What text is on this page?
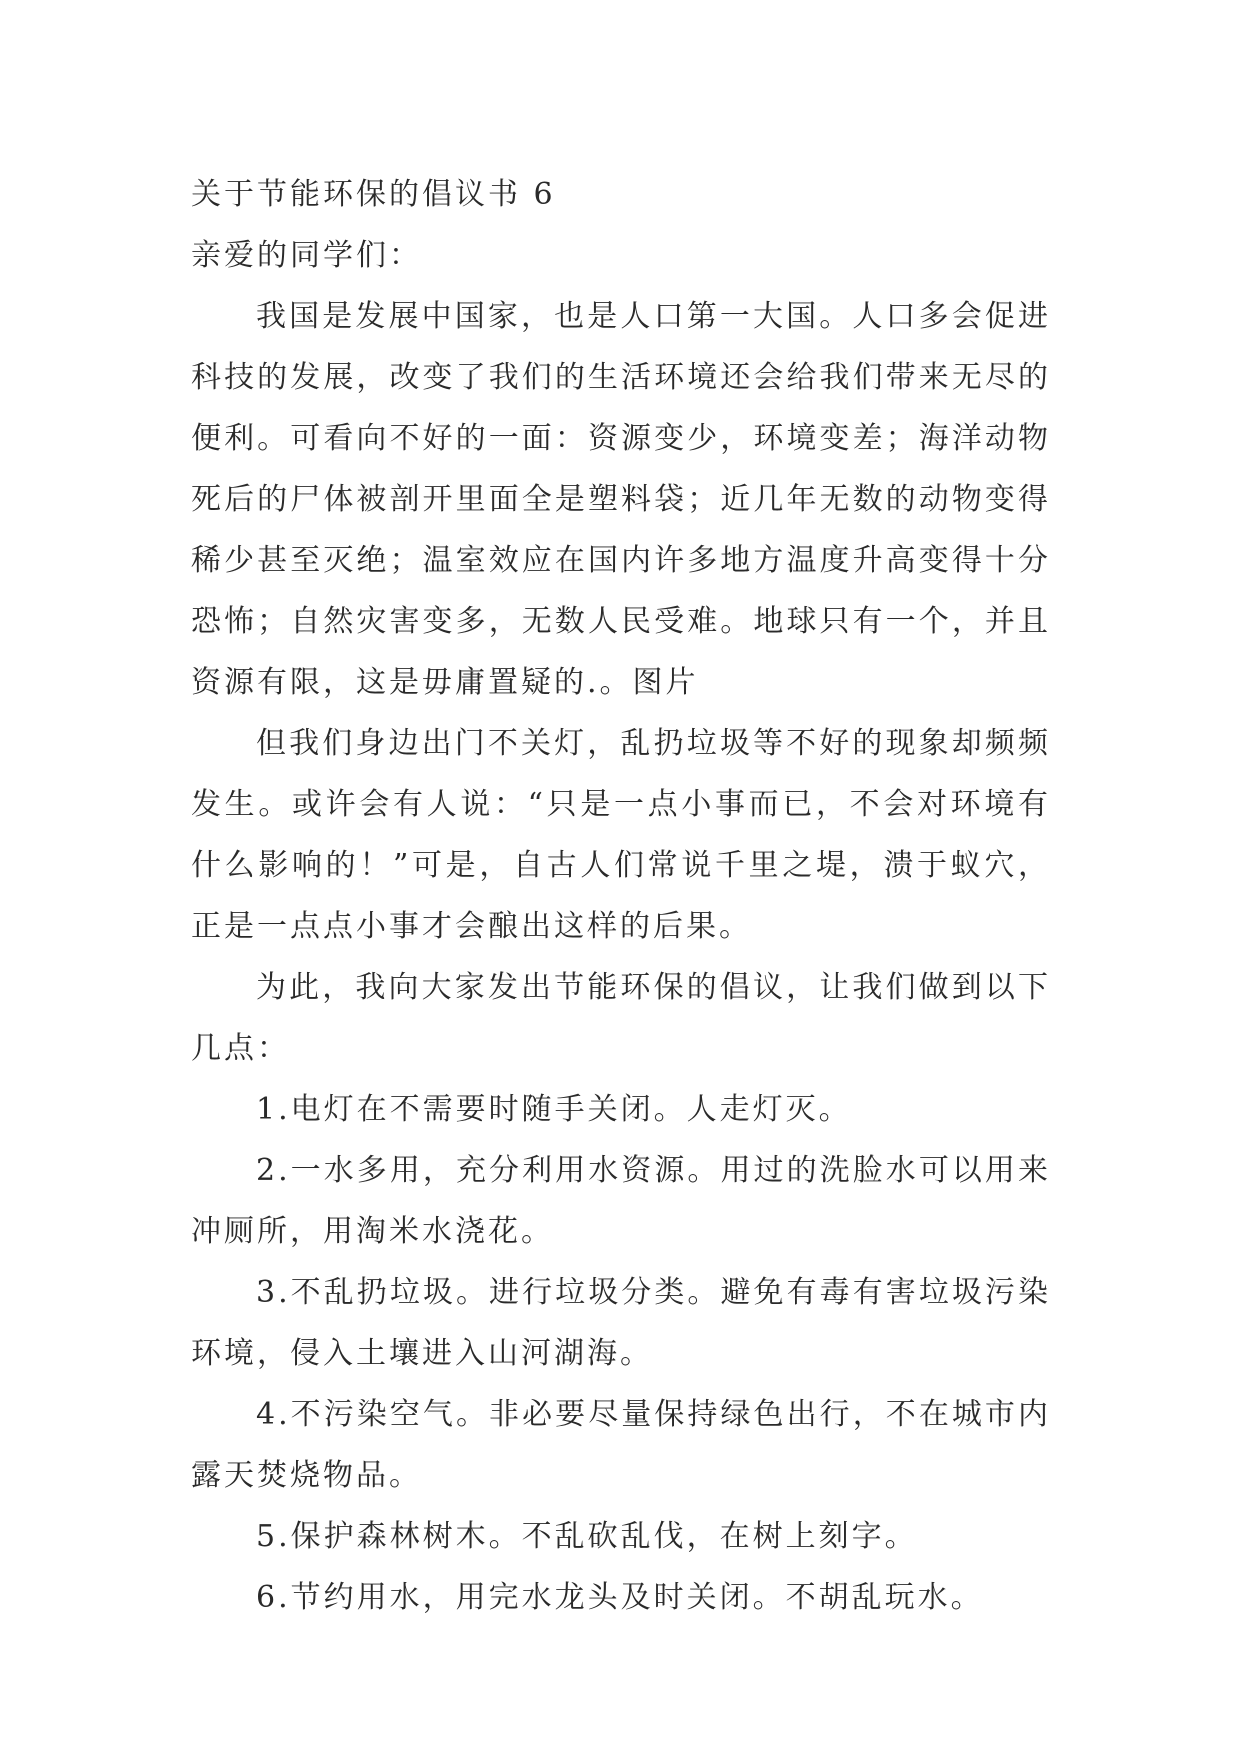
关于节能环保的倡议书 6

亲爱的同学们：

我国是发展中国家，也是人口第一大国。人口多会促进科技的发展，改变了我们的生活环境还会给我们带来无尽的便利。可看向不好的一面：资源变少，环境变差；海洋动物死后的尸体被剖开里面全是塑料袋；近几年无数的动物变得稀少甚至灭绝；温室效应在国内许多地方温度升高变得十分恐怖；自然灾害变多，无数人民受难。地球只有一个，并且资源有限，这是毋庸置疑的.。图片

但我们身边出门不关灯，乱扔垃圾等不好的现象却频频发生。或许会有人说：“只是一点小事而已，不会对环境有什么影响的！”可是，自古人们常说千里之堤，溃于蚁穴，正是一点点小事才会酿出这样的后果。

为此，我向大家发出节能环保的倡议，让我们做到以下几点：

1.电灯在不需要时随手关闭。人走灯灭。

2.一水多用，充分利用水资源。用过的洗脸水可以用来冲厕所，用淘米水浇花。

3.不乱扔垃圾。进行垃圾分类。避免有毒有害垃圾污染环境，侵入土壤进入山河湖海。

4.不污染空气。非必要尽量保持绿色出行，不在城市内露天焚烧物品。

5.保护森林树木。不乱砍乱伐，在树上刻字。

6.节约用水，用完水龙头及时关闭。不胡乱玩水。
